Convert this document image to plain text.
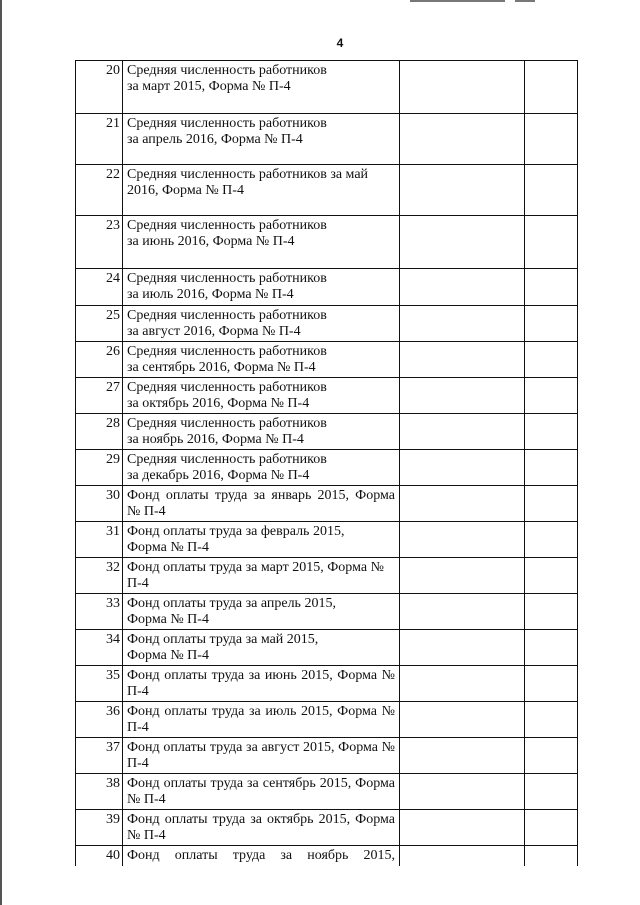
4
20	Средняя численность работников
за март 2015, Форма № П-4		

21	Средняя численность работников
за апрель 2016, Форма № П-4		

22	Средняя численность работников за май 2016, Форма № П-4		

23	Средняя численность работников
за июнь 2016, Форма № П-4		

24	Средняя численность работников
за июль 2016, Форма № П-4		

25	Средняя численность работников
за август 2016, Форма № П-4		

26	Средняя численность работников
за сентябрь 2016, Форма № П-4		

27	Средняя численность работников
за октябрь 2016, Форма № П-4		

28	Средняя численность работников
за ноябрь 2016, Форма № П-4		

29	Средняя численность работников
за декабрь 2016, Форма № П-4		

30	Фонд оплаты труда за январь 2015, Форма № П-4		

31	Фонд оплаты труда за февраль 2015,
Форма № П-4		

32	Фонд оплаты труда за март 2015, Форма № П-4		

33	Фонд оплаты труда за апрель 2015,
Форма № П-4		

34	Фонд оплаты труда за май 2015,
Форма № П-4		

35	Фонд оплаты труда за июнь 2015, Форма № П-4		

36	Фонд оплаты труда за июль 2015, Форма № П-4		

37	Фонд оплаты труда за август 2015, Форма № П-4		

38	Фонд оплаты труда за сентябрь 2015, Форма № П-4		

39	Фонд оплаты труда за октябрь 2015, Форма № П-4		

40	Фонд оплаты труда за ноябрь 2015,		
